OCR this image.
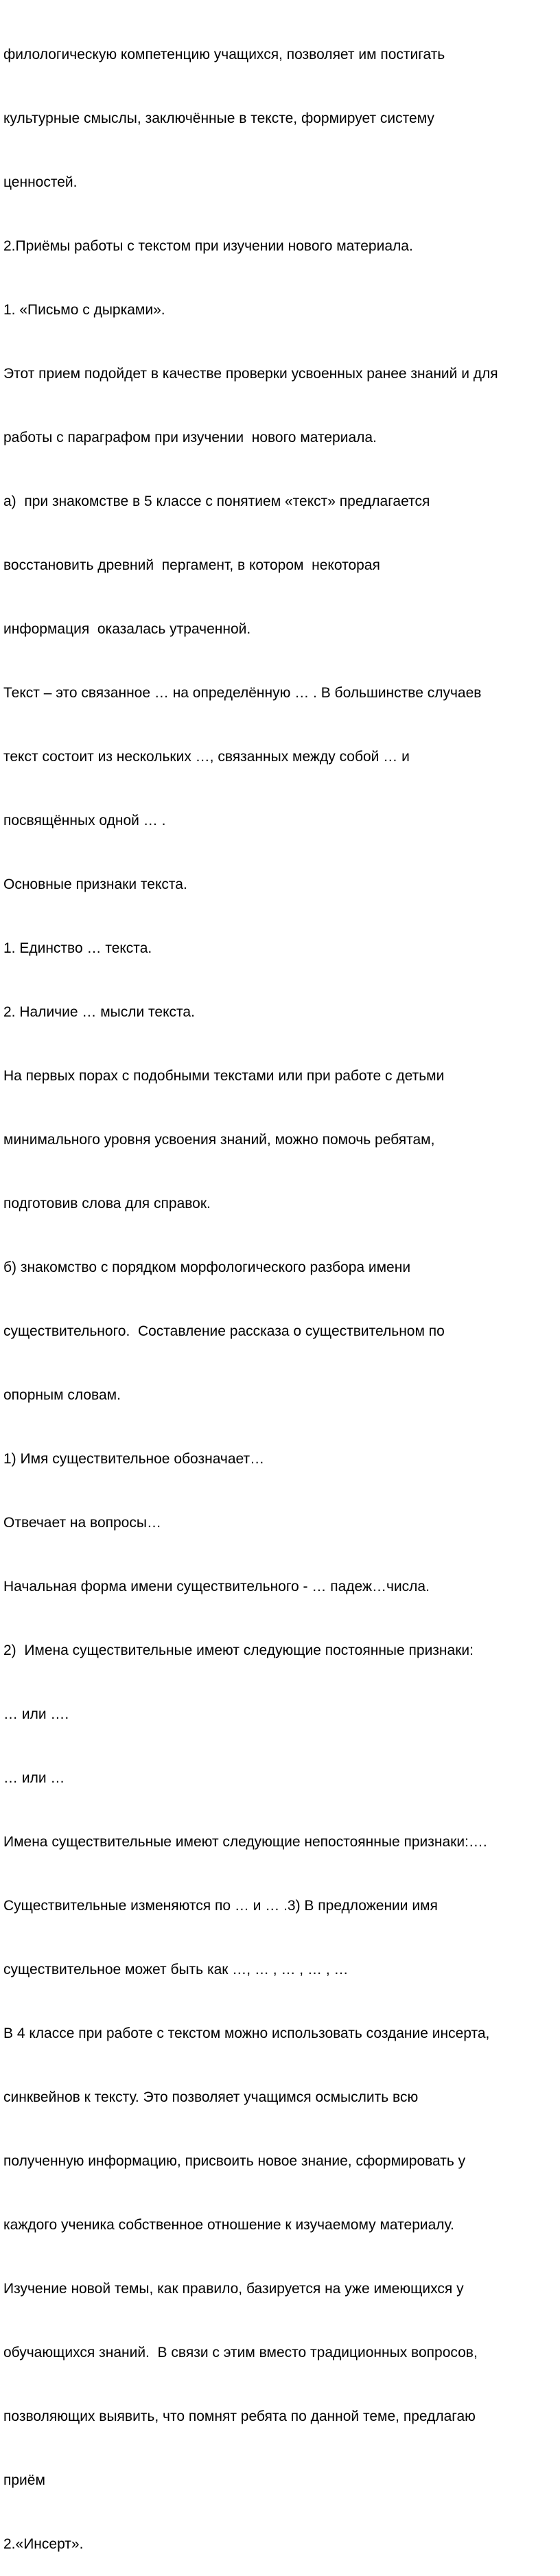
филологическую компетенцию учащихся, позволяет им постигать

культурные смыслы, заключённые в тексте, формирует систему

ценностей.

2.Приёмы работы с текстом при изучении нового материала.

1. «Письмо с дырками».

Этот прием подойдет в качестве проверки усвоенных ранее знаний и для

работы с параграфом при изучении  нового материала.

а)  при знакомстве в 5 классе с понятием «текст» предлагается

восстановить древний  пергамент, в котором  некоторая

информация  оказалась утраченной.

Текст – это связанное … на определённую … . В большинстве случаев

текст состоит из нескольких …, связанных между собой … и

посвящённых одной … .

Основные признаки текста.

1. Единство … текста.

2. Наличие … мысли текста.

На первых порах с подобными текстами или при работе с детьми

минимального уровня усвоения знаний, можно помочь ребятам,

подготовив слова для справок.

б) знакомство с порядком морфологического разбора имени

существительного.  Составление рассказа о существительном по

опорным словам.

1) Имя существительное обозначает…

Отвечает на вопросы…

Начальная форма имени существительного - … падеж…числа.

2)  Имена существительные имеют следующие постоянные признаки:

… или ….

… или …

Имена существительные имеют следующие непостоянные признаки:….

Существительные изменяются по … и … .3) В предложении имя

существительное может быть как …, … , … , … , …

В 4 классе при работе с текстом можно использовать создание инсерта,

синквейнов к тексту. Это позволяет учащимся осмыслить всю

полученную информацию, присвоить новое знание, сформировать у

каждого ученика собственное отношение к изучаемому материалу.

Изучение новой темы, как правило, базируется на уже имеющихся у

обучающихся знаний.  В связи с этим вместо традиционных вопросов,

позволяющих выявить, что помнят ребята по данной теме, предлагаю

приём

2.«Инсерт».
